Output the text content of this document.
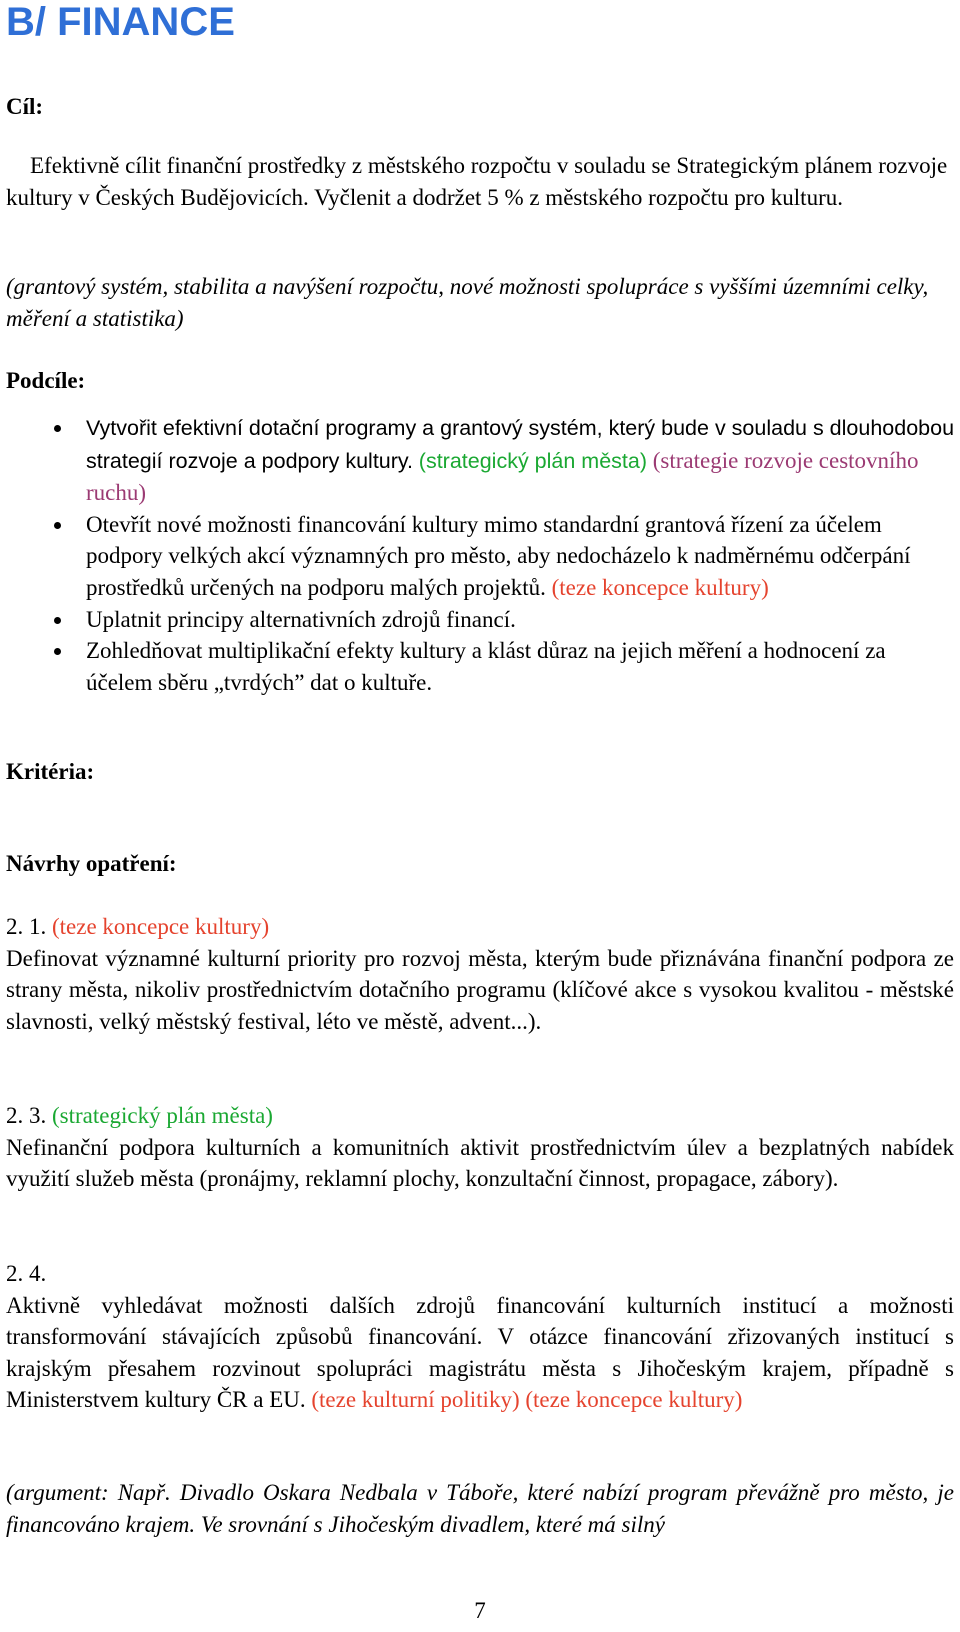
B/ FINANCE
Cíl:

Efektivně cílit finanční prostředky z městského rozpočtu v souladu se Strategickým plánem rozvoje kultury v Českých Budějovicích. Vyčlenit a dodržet 5 % z městského rozpočtu pro kulturu.

(grantový systém, stabilita a navýšení rozpočtu, nové možnosti spolupráce s vyššími územními celky, měření a statistika)

Podcíle:
Vytvořit efektivní dotační programy a grantový systém, který bude v souladu s dlouhodobou strategií rozvoje a podpory kultury. (strategický plán města) (strategie rozvoje cestovního ruchu)
Otevřít nové možnosti financování kultury mimo standardní grantová řízení za účelem podpory velkých akcí významných pro město, aby nedocházelo k nadměrnému odčerpání prostředků určených na podporu malých projektů. (teze koncepce kultury)
Uplatnit principy alternativních zdrojů financí.
Zohledňovat multiplikační efekty kultury a klást důraz na jejich měření a hodnocení za účelem sběru „tvrdých” dat o kultuře.
Kritéria:
Návrhy opatření:
2. 1. (teze koncepce kultury)
Definovat významné kulturní priority pro rozvoj města, kterým bude přiznávána finanční podpora ze strany města, nikoliv prostřednictvím dotačního programu (klíčové akce s vysokou kvalitou - městské slavnosti, velký městský festival, léto ve městě, advent...).
2. 3. (strategický plán města)
Nefinanční podpora kulturních a komunitních aktivit prostřednictvím úlev a bezplatných nabídek využití služeb města (pronájmy, reklamní plochy, konzultační činnost, propagace, zábory).
2. 4.
Aktivně vyhledávat možnosti dalších zdrojů financování kulturních institucí a možnosti transformování stávajících způsobů financování. V otázce financování zřizovaných institucí s krajským přesahem rozvinout spolupráci magistrátu města s Jihočeským krajem, případně s Ministerstvem kultury ČR a EU. (teze kulturní politiky) (teze koncepce kultury)

(argument: Např. Divadlo Oskara Nedbala v Táboře, které nabízí program převážně pro město, je financováno krajem. Ve srovnání s Jihočeským divadlem, které má silný

7
